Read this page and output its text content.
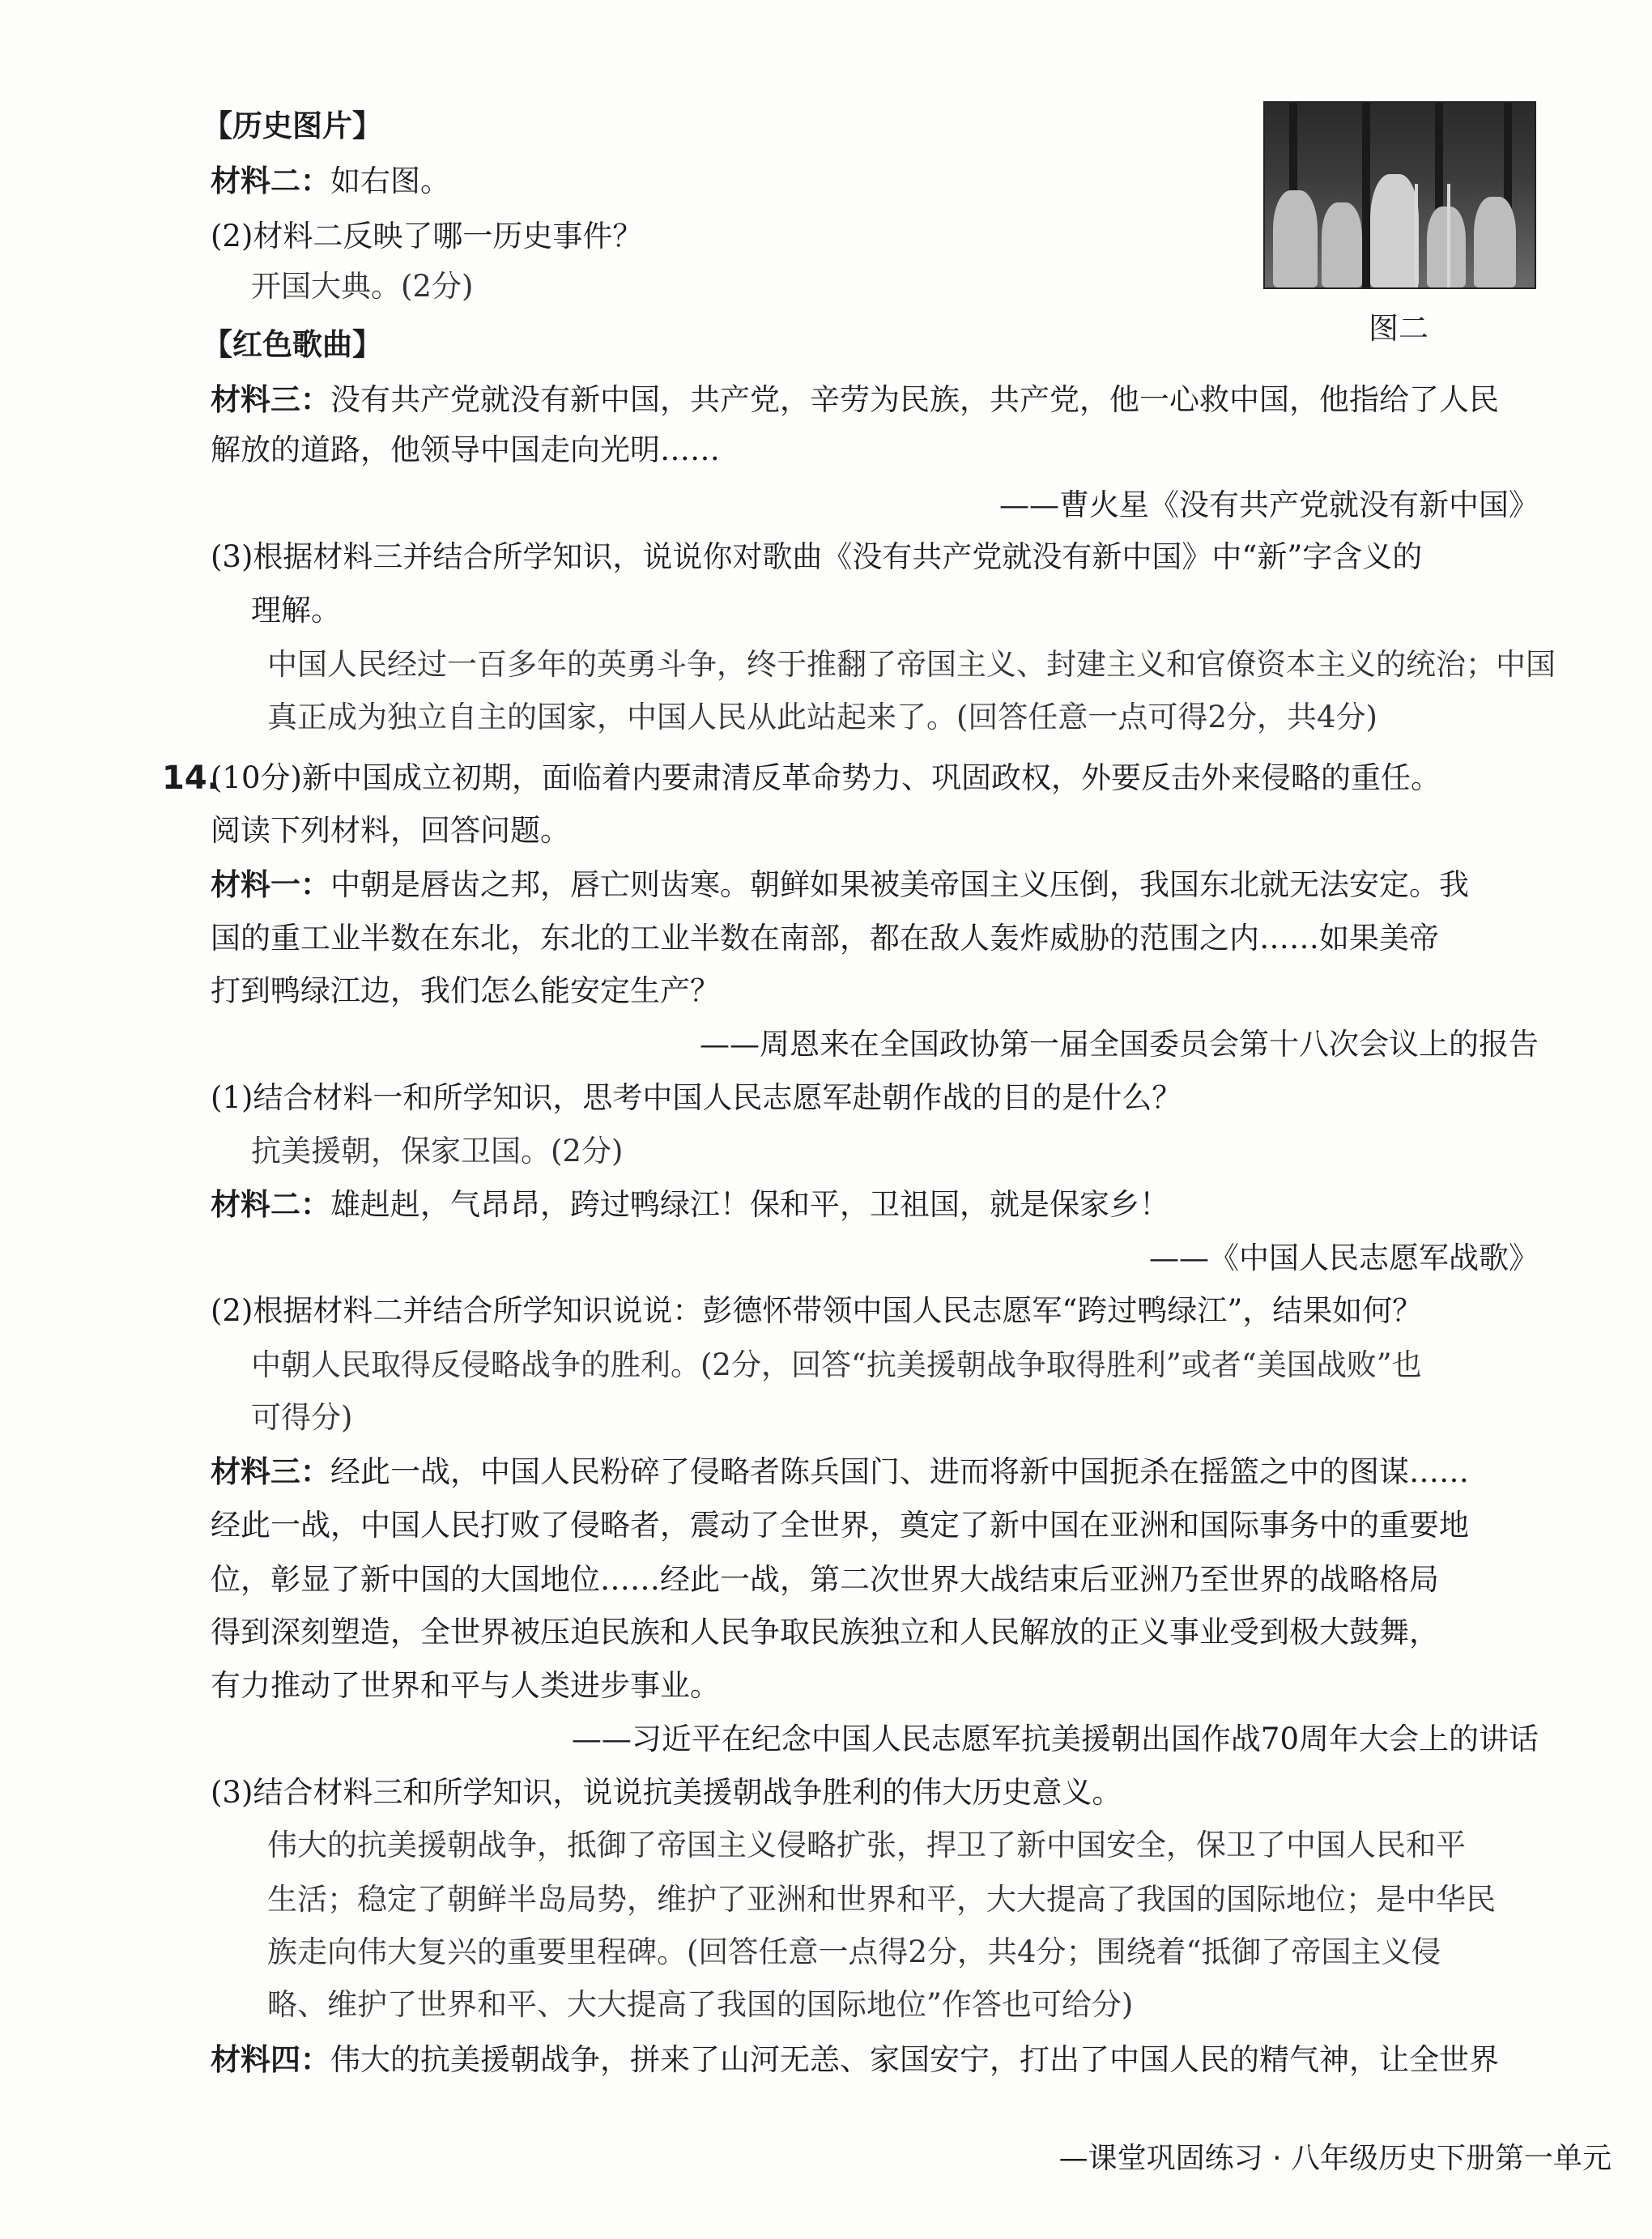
图二
【历史图片】
材料二：如右图。
(2)材料二反映了哪一历史事件？
开国大典。(2分)
【红色歌曲】
材料三：没有共产党就没有新中国，共产党，辛劳为民族，共产党，他一心救中国，他指给了人民
解放的道路，他领导中国走向光明……
——曹火星《没有共产党就没有新中国》
(3)根据材料三并结合所学知识，说说你对歌曲《没有共产党就没有新中国》中“新”字含义的
理解。
中国人民经过一百多年的英勇斗争，终于推翻了帝国主义、封建主义和官僚资本主义的统治；中国
真正成为独立自主的国家，中国人民从此站起来了。(回答任意一点可得2分，共4分)
14.
(10分)新中国成立初期，面临着内要肃清反革命势力、巩固政权，外要反击外来侵略的重任。
阅读下列材料，回答问题。
材料一：中朝是唇齿之邦，唇亡则齿寒。朝鲜如果被美帝国主义压倒，我国东北就无法安定。我
国的重工业半数在东北，东北的工业半数在南部，都在敌人轰炸威胁的范围之内……如果美帝
打到鸭绿江边，我们怎么能安定生产？
——周恩来在全国政协第一届全国委员会第十八次会议上的报告
(1)结合材料一和所学知识，思考中国人民志愿军赴朝作战的目的是什么？
抗美援朝，保家卫国。(2分)
材料二：雄赳赳，气昂昂，跨过鸭绿江！保和平，卫祖国，就是保家乡！
——《中国人民志愿军战歌》
(2)根据材料二并结合所学知识说说：彭德怀带领中国人民志愿军“跨过鸭绿江”，结果如何？
中朝人民取得反侵略战争的胜利。(2分，回答“抗美援朝战争取得胜利”或者“美国战败”也
可得分)
材料三：经此一战，中国人民粉碎了侵略者陈兵国门、进而将新中国扼杀在摇篮之中的图谋……
经此一战，中国人民打败了侵略者，震动了全世界，奠定了新中国在亚洲和国际事务中的重要地
位，彰显了新中国的大国地位……经此一战，第二次世界大战结束后亚洲乃至世界的战略格局
得到深刻塑造，全世界被压迫民族和人民争取民族独立和人民解放的正义事业受到极大鼓舞，
有力推动了世界和平与人类进步事业。
——习近平在纪念中国人民志愿军抗美援朝出国作战70周年大会上的讲话
(3)结合材料三和所学知识，说说抗美援朝战争胜利的伟大历史意义。
伟大的抗美援朝战争，抵御了帝国主义侵略扩张，捍卫了新中国安全，保卫了中国人民和平
生活；稳定了朝鲜半岛局势，维护了亚洲和世界和平，大大提高了我国的国际地位；是中华民
族走向伟大复兴的重要里程碑。(回答任意一点得2分，共4分；围绕着“抵御了帝国主义侵
略、维护了世界和平、大大提高了我国的国际地位”作答也可给分)
材料四：伟大的抗美援朝战争，拼来了山河无恙、家国安宁，打出了中国人民的精气神，让全世界
—课堂巩固练习 · 八年级历史下册第一单元
